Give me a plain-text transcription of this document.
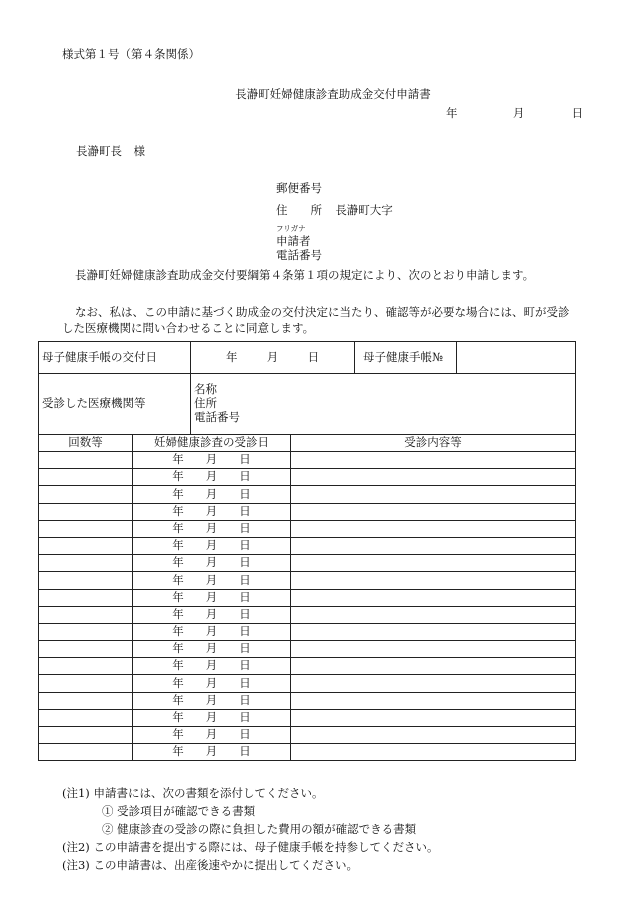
様式第１号（第４条関係）
長瀞町妊婦健康診査助成金交付申請書
年	月	日
長瀞町長　様
郵便番号
住　　所 長瀞町大字
フリガナ
申請者
電話番号
長瀞町妊婦健康診査助成金交付要綱第４条第１項の規定により、次のとおり申請します。
なお、私は、この申請に基づく助成金の交付決定に当たり、確認等が必要な場合には、町が受診した医療機関に問い合わせることに同意します。
母子健康手帳の交付日		年 月 日		母子健康手帳№	
受診した医療機関等		名称
住所
電話番号			

回数等	妊婦健康診査の受診日		受診内容等		
	年 月 日				
	年 月 日				
	年 月 日				
	年 月 日				
	年 月 日				
	年 月 日				
	年 月 日				
	年 月 日				
	年 月 日				
	年 月 日				
	年 月 日				
	年 月 日				
	年 月 日				
	年 月 日				
	年 月 日				
	年 月 日				
	年 月 日				
	年 月 日				
(注1) 申請書には、次の書類を添付してください。
① 受診項目が確認できる書類
② 健康診査の受診の際に負担した費用の額が確認できる書類
(注2) この申請書を提出する際には、母子健康手帳を持参してください。
(注3) この申請書は、出産後速やかに提出してください。
